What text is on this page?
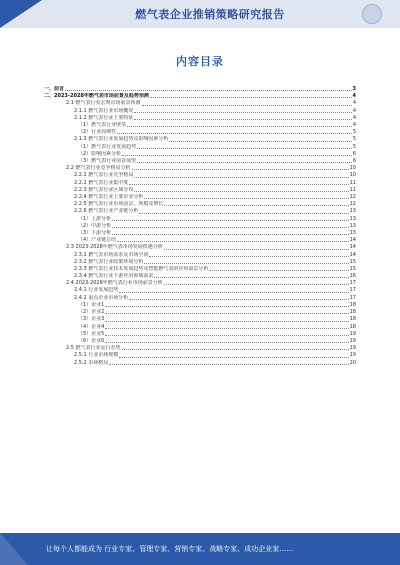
燃气表企业推销策略研究报告
内容目录
一、前言	3
二、2023-2028年燃气表市场前景及趋势预测	4
2.1 燃气表行业宏观市场前景预测	4
2.1.1 燃气表行业市场概况	4
2.1.2 燃气表行业主要特征	4
（1）燃气表行业壁垒	4
（2）行业周期性	5
2.1.3 燃气表行业发展趋势及影响因素分析	5
（1）燃气表行业发展趋势	5
（2）影响因素分析	6
（3）燃气表行业前景展望	6
2.2 燃气表行业竞争格局分析	10
2.2.1 燃气表行业竞争格局	10
2.2.2 燃气表行业集中度	11
2.2.3 燃气表行业区域分布	11
2.2.4 燃气表行业主要企业分析	12
2.2.5 燃气表行业市场前景、规模及增长	12
2.2.6 燃气表行业产业链分析	13
（1）上游分析	13
（2）中游分析	13
（3）下游分析	13
（4）产业链总结	14
2.3 2023-2028年燃气表市场发展机遇分析	14
2.3.1 燃气表市场需求及市场空间	14
2.3.2 燃气表行业政策环境分析	15
2.3.3 燃气表行业技术发展趋势及智能燃气表的应用前景分析	15
2.3.4 燃气表行业下游应用领域需求	16
2.4 2023-2028年燃气表行业市场前景分析	17
2.4.1 行业发展趋势	17
2.4.2 重点企业市场分析	17
（1）企业1	18
（2）企业2	18
（3）企业3	18
（4）企业4	18
（5）企业5	19
（6）企业6	19
2.5 燃气表行业运行态势	19
2.5.1 行业市场规模	19
2.5.2 市场格局	20
让每个人都能成为 行业专家、管理专家、营销专家、战略专家、成功企业家……
